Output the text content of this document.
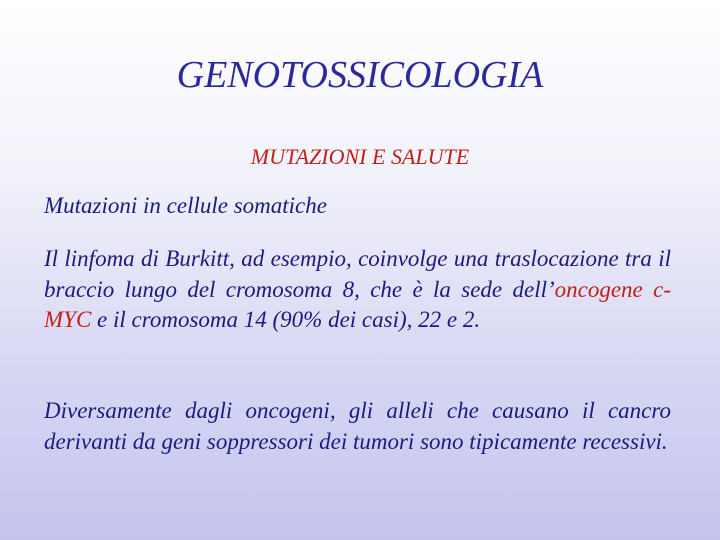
GENOTOSSICOLOGIA
MUTAZIONI E SALUTE
Mutazioni in cellule somatiche
Il linfoma di Burkitt, ad esempio, coinvolge una traslocazione tra il braccio lungo del cromosoma 8, che è la sede dell’oncogene c-MYC e il cromosoma 14 (90% dei casi), 22 e 2.
Diversamente dagli oncogeni, gli alleli che causano il cancro derivanti da geni soppressori dei tumori sono tipicamente recessivi.
